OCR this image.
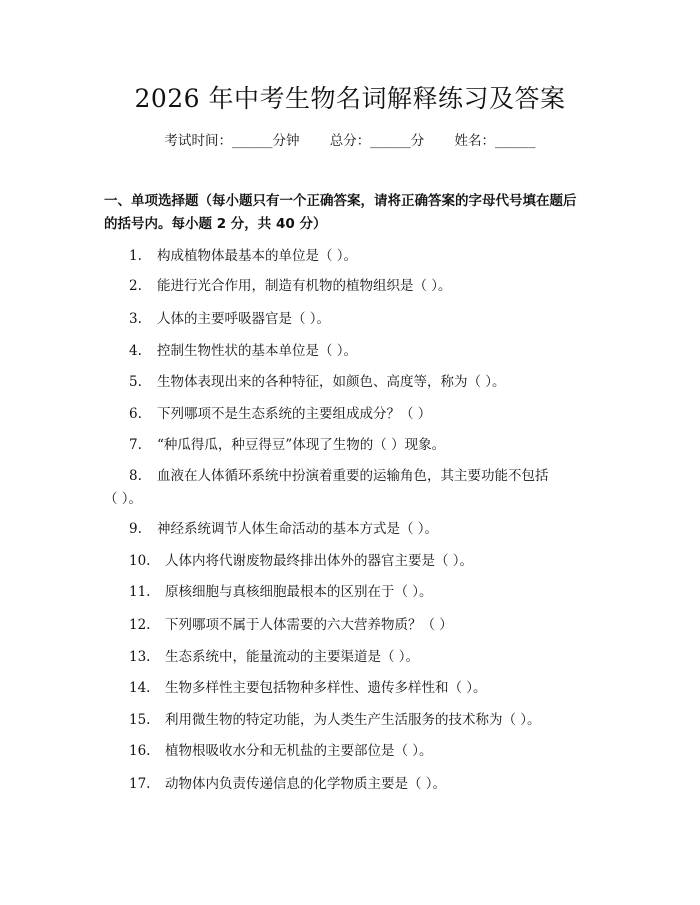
2026 年中考生物名词解释练习及答案
考试时间：______分钟 总分：______分 姓名：______
一、单项选择题（每小题只有一个正确答案，请将正确答案的字母代号填在题后
的括号内。每小题 2 分，共 40 分）
1. 构成植物体最基本的单位是（ ）。
2. 能进行光合作用，制造有机物的植物组织是（ ）。
3. 人体的主要呼吸器官是（ ）。
4. 控制生物性状的基本单位是（ ）。
5. 生物体表现出来的各种特征，如颜色、高度等，称为（ ）。
6. 下列哪项不是生态系统的主要组成成分？（ ）
7. “种瓜得瓜，种豆得豆”体现了生物的（ ）现象。
8. 血液在人体循环系统中扮演着重要的运输角色，其主要功能不包括
（ ）。
9. 神经系统调节人体生命活动的基本方式是（ ）。
10. 人体内将代谢废物最终排出体外的器官主要是（ ）。
11. 原核细胞与真核细胞最根本的区别在于（ ）。
12. 下列哪项不属于人体需要的六大营养物质？（ ）
13. 生态系统中，能量流动的主要渠道是（ ）。
14. 生物多样性主要包括物种多样性、遗传多样性和（ ）。
15. 利用微生物的特定功能，为人类生产生活服务的技术称为（ ）。
16. 植物根吸收水分和无机盐的主要部位是（ ）。
17. 动物体内负责传递信息的化学物质主要是（ ）。
